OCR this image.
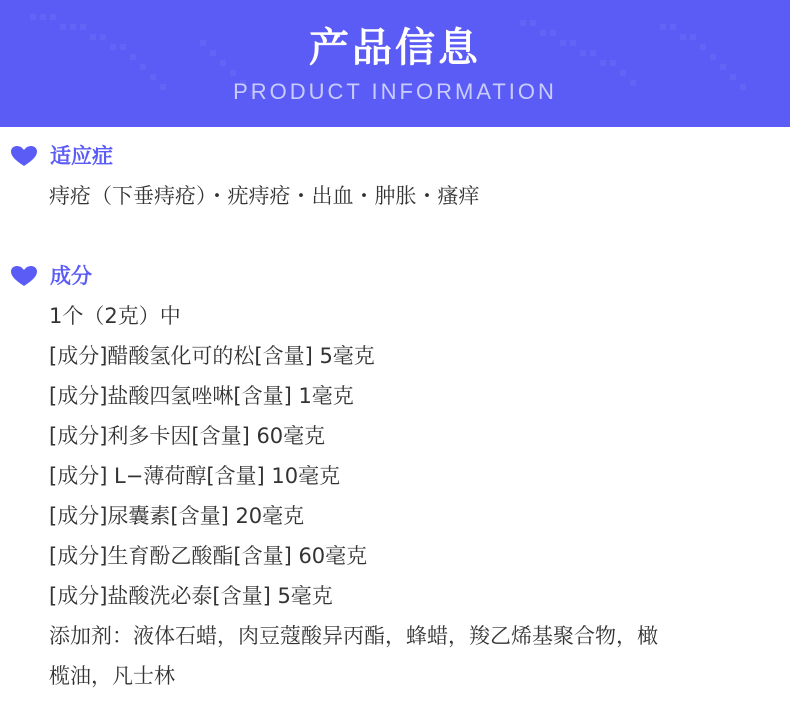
产品信息
PRODUCT INFORMATION
适应症
痔疮（下垂痔疮）・疣痔疮・出血・肿胀・瘙痒
成分
1个（2克）中
[成分]醋酸氢化可的松[含量] 5毫克
[成分]盐酸四氢唑啉[含量] 1毫克
[成分]利多卡因[含量] 60毫克
[成分] L−薄荷醇[含量] 10毫克
[成分]尿囊素[含量] 20毫克
[成分]生育酚乙酸酯[含量] 60毫克
[成分]盐酸洗必泰[含量] 5毫克
添加剂：液体石蜡，肉豆蔻酸异丙酯，蜂蜡，羧乙烯基聚合物，橄
榄油，凡士林
